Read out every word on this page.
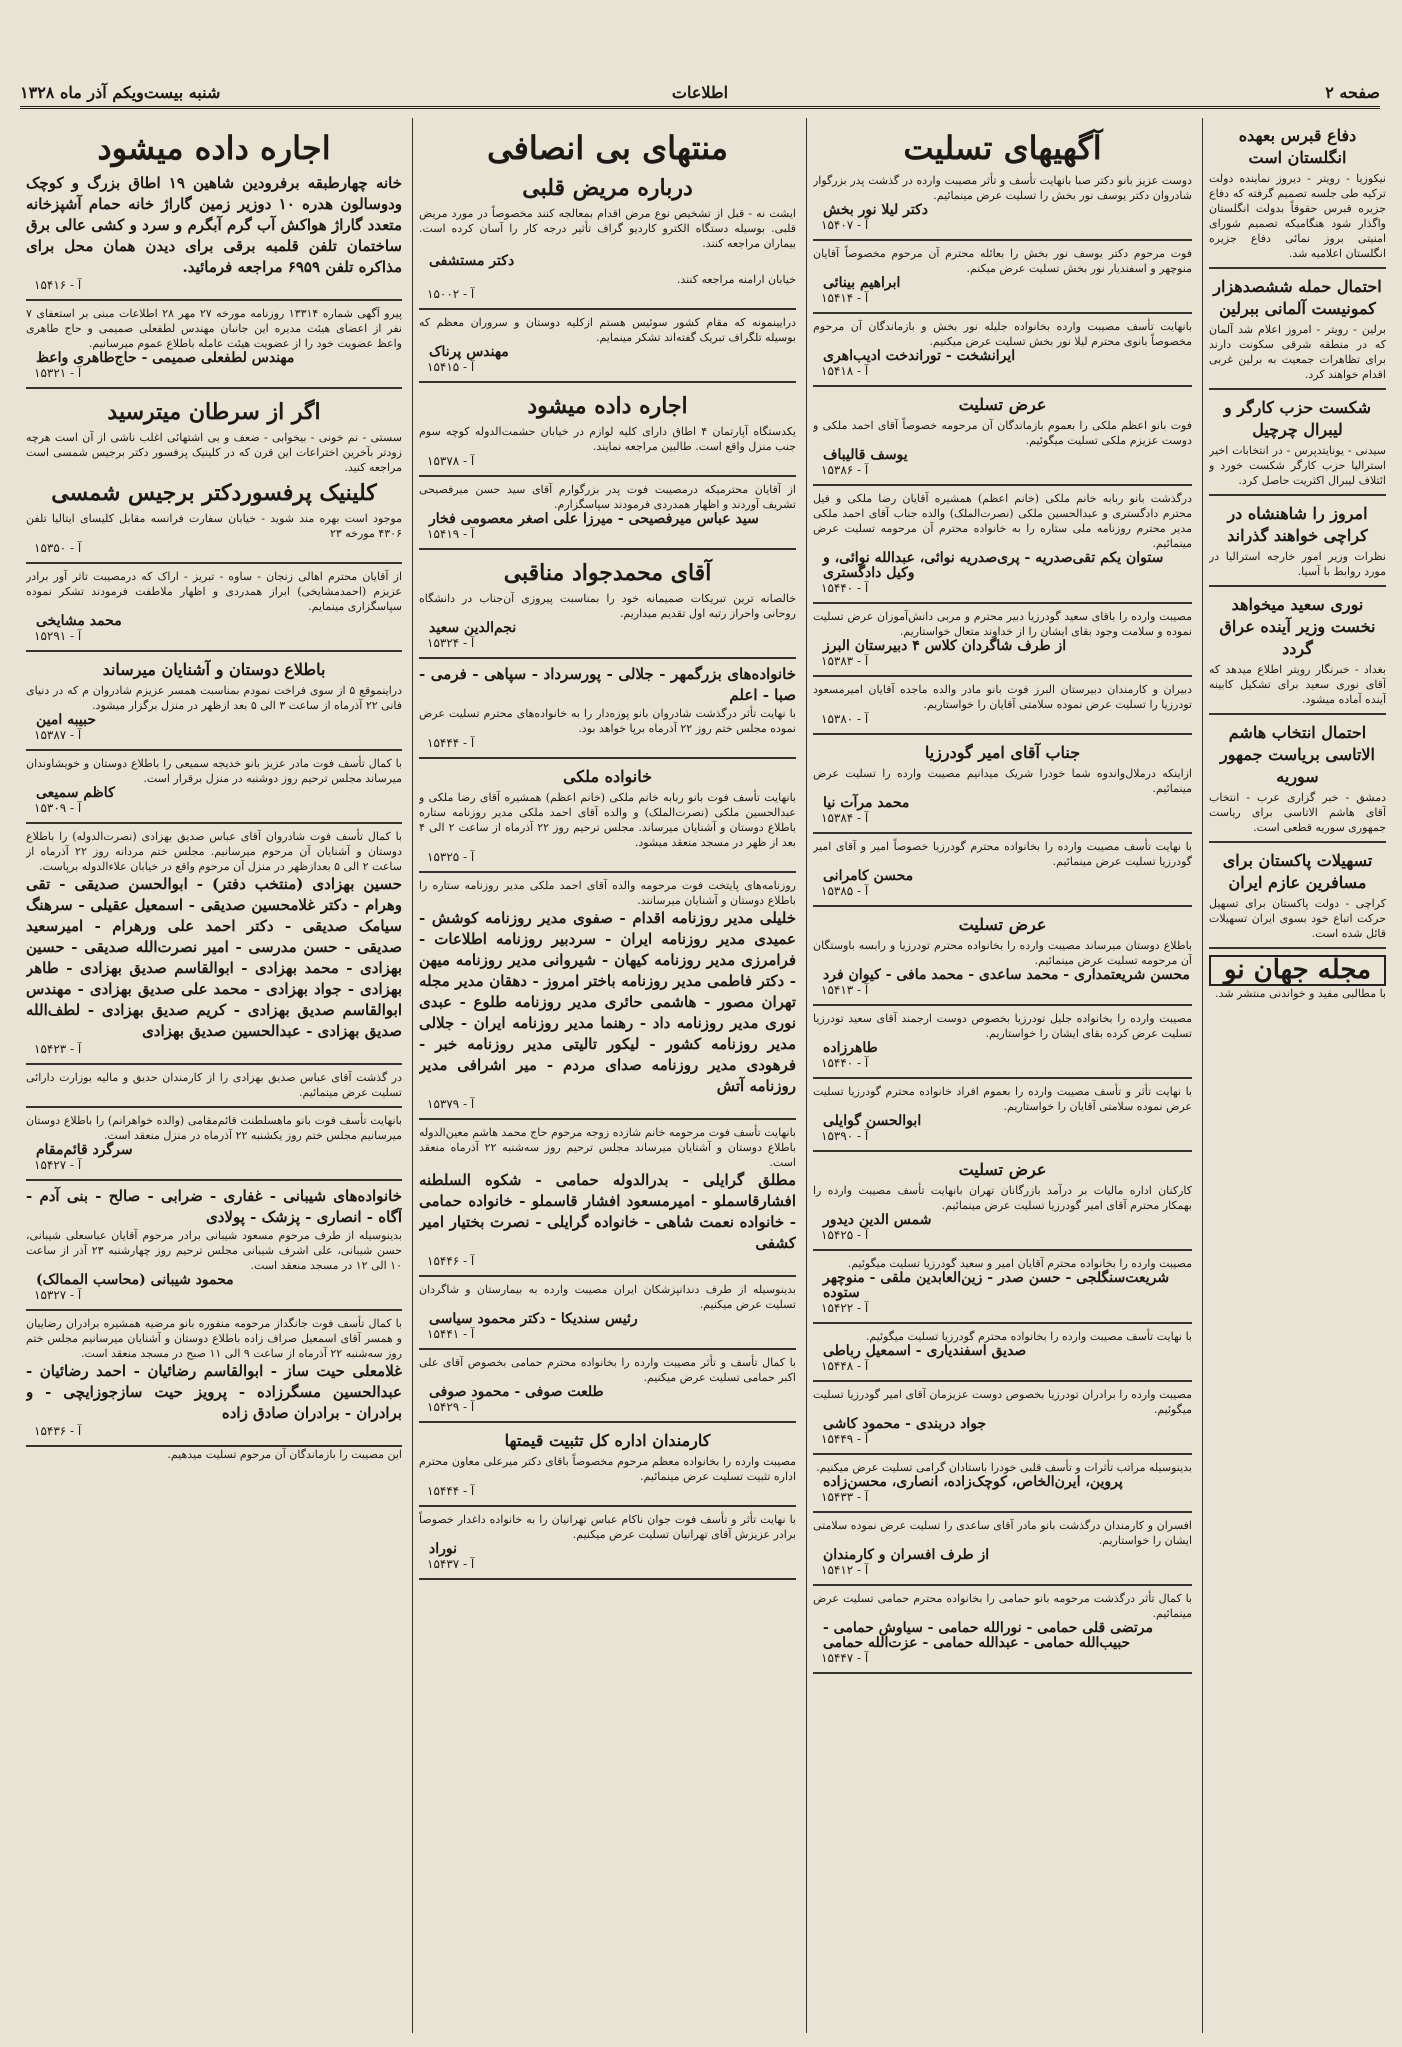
صفحه ۲
اطلاعات
شنبه بیست‌ویکم آذر ماه ۱۳۲۸
دفاع قبرس بعهده انگلستان است
نیکوزیا - رویتر - دیروز نماینده دولت ترکیه طی جلسه تصمیم گرفته که دفاع جزیره قبرس حقوقاً بدولت انگلستان واگذار شود هنگامیکه تصمیم شورای امنیتی بروز نمائی دفاع جزیره انگلستان اعلامیه شد.
احتمال حمله ششصدهزار کمونیست آلمانی ببرلین
برلین - رویتر - امروز اعلام شد آلمان که در منطقه شرقی سکونت دارند برای تظاهرات جمعیت به برلین غربی اقدام خواهند کرد.
شکست حزب کارگر و لیبرال چرچیل
سیدنی - یونایتدپرس - در انتخابات اخیر استرالیا حزب کارگر شکست خورد و ائتلاف لیبرال اکثریت حاصل کرد.
امروز را شاهنشاه در کراچی خواهند گذراند
نظرات وزیر امور خارجه استرالیا در مورد روابط با آسیا.
نوری سعید میخواهد نخست وزیر آینده عراق گردد
بغداد - خبرنگار رویتر اطلاع میدهد که آقای نوری سعید برای تشکیل کابینه آینده آماده میشود.
احتمال انتخاب هاشم الاتاسی بریاست جمهور سوریه
دمشق - خبر گزاری عرب - انتخاب آقای هاشم الاتاسی برای ریاست جمهوری سوریه قطعی است.
تسهیلات پاکستان برای مسافرین عازم ایران
کراچی - دولت پاکستان برای تسهیل حرکت اتباع خود بسوی ایران تسهیلات قائل شده است.
مجله جهان نو
با مطالبی مفید و خواندنی منتشر شد.
آگهیهای تسلیت
دوست عزیز بانو دکتر صبا بانهایت تأسف و تأثر مصیبت وارده در گذشت پدر بزرگوار شادروان دکتر یوسف نور بخش را تسلیت عرض مینمائیم.
دکتر لیلا نور بخش
۱۵۴۰۷ - آ
فوت مرحوم دکتر یوسف نور بخش را بعائله محترم آن مرحوم مخصوصاً آقایان منوچهر و اسفندیار نور بخش تسلیت عرض میکنم.
ابراهیم بینائی
۱۵۴۱۴ - آ
بانهایت تأسف مصیبت وارده بخانواده جلیله نور بخش و بازماندگان آن مرحوم مخصوصاً بانوی محترم لیلا نور بخش تسلیت عرض میکنیم.
ایرانشخت - توراندخت ادیب‌اهری
۱۵۴۱۸ - آ
عرض تسلیت
فوت بانو اعظم ملکی را بعموم بازماندگان آن مرحومه خصوصاً آقای احمد ملکی و دوست عزیزم ملکی تسلیت میگوئیم.
یوسف قالیباف
۱۵۳۸۶ - آ
درگذشت بانو ربابه خانم ملکی (خانم اعظم) همشیره آقایان رضا ملکی و فیل محترم دادگستری و عبدالحسین ملکی (نصرت‌الملک) والده جناب آقای احمد ملکی مدیر محترم روزنامه ملی ستاره را به خانواده محترم آن مرحومه تسلیت عرض مینمائیم.
ستوان یکم تقی‌صدریه - پری‌صدریه نوائی، عبدالله نوائی، و وکیل دادگستری
۱۵۴۴۰ - آ
مصیبت وارده را باقای سعید گودرزیا دبیر محترم و مربی دانش‌آموزان عرض تسلیت نموده و سلامت وجود بقای ایشان را از خداوند متعال خواستاریم.
از طرف شاگردان کلاس ۴ دبیرستان البرز
۱۵۳۸۳ - آ
دبیران و کارمندان دبیرستان البرز فوت بانو مادر والده ماجده آقایان امیرمسعود تودرزیا را تسلیت عرض نموده سلامتی آقایان را خواستاریم.
۱۵۳۸۰ - آ
جناب آقای امیر گودرزیا
ازاینکه درملال‌واندوه شما خودرا شریک میدانیم مصیبت وارده را تسلیت عرض مینمائیم.
محمد مرآت نیا
۱۵۳۸۴ - آ
با نهایت تأسف مصیبت وارده را بخانواده محترم گودرزیا خصوصاً امیر و آقای امیر گودرزیا تسلیت عرض مینمائیم.
محسن کامرانی
۱۵۳۸۵ - آ
عرض تسلیت
باطلاع دوستان میرساند مصیبت وارده را بخانواده محترم تودرزیا و رابسه باوستگان آن مرحومه تسلیت عرض مینمائیم.
محسن شریعتمداری - محمد ساعدی - محمد مافی - کیوان فرد
۱۵۴۱۳ - آ
مصیبت وارده را بخانواده جلیل تودرزیا بخصوص دوست ارجمند آقای سعید تودرزیا تسلیت عرض کرده بقای ایشان را خواستاریم.
طاهرزاده
۱۵۴۴۰ - آ
با نهایت تأثر و تأسف مصیبت وارده را بعموم افراد خانواده محترم گودرزیا تسلیت عرض نموده سلامتی آقایان را خواستاریم.
ابوالحسن گوایلی
۱۵۳۹۰ - آ
عرض تسلیت
کارکنان اداره مالیات بر درآمد بازرگانان تهران بانهایت تأسف مصیبت وارده را بهمکار محترم آقای امیر گودرزیا تسلیت عرض مینمائیم.
شمس الدین دیدور
۱۵۴۲۵ - آ
مصیبت وارده را بخانواده محترم آقایان امیر و سعید گودرزیا تسلیت میگوئیم.
شریعت‌سنگلجی - حسن صدر - زین‌العابدین ملقی - منوچهر ستوده
۱۵۴۲۲ - آ
با نهایت تأسف مصیبت وارده را بخانواده محترم گودرزیا تسلیت میگوئیم.
صدیق اسفندیاری - اسمعیل رباطی
۱۵۴۴۸ - آ
مصیبت وارده را برادران تودرزیا بخصوص دوست عزیزمان آقای امیر گودرزیا تسلیت میگوئیم.
جواد دربندی - محمود کاشی
۱۵۴۴۹ - آ
بدینوسیله مراتب تأثرات و تأسف قلبی خودرا باستادان گرامی تسلیت عرض میکنیم.
پروین، ایرن‌الخاص، کوچک‌زاده، انصاری، محسن‌زاده
۱۵۴۳۳ - آ
افسران و کارمندان درگذشت بانو مادر آقای ساعدی را تسلیت عرض نموده سلامتی ایشان را خواستاریم.
از طرف افسران و کارمندان
۱۵۴۱۲ - آ
با کمال تأثر درگذشت مرحومه بانو حمامی را بخانواده محترم حمامی تسلیت عرض مینمائیم.
مرتضی قلی حمامی - نورالله حمامی - سیاوش حمامی - حبیب‌الله حمامی - عبدالله حمامی - عزت‌الله حمامی
۱۵۴۴۷ - آ
منتهای بی انصافی
درباره مریض قلبی
ایشت نه - قبل از تشخیص نوع مرض اقدام بمعالجه کنند مخصوصاً در مورد مریض قلبی. بوسیله دستگاه الکترو کاردیو گراف تأثیر درجه کار را آسان کرده است. بیماران مراجعه کنند.
دکتر مستشفی
خیابان ارامنه مراجعه کنند.
۱۵۰۰۲ - آ
درایینمونه که مقام کشور سوئیس هستم ازکلیه دوستان و سروران معظم که بوسیله تلگراف تبریک گفته‌اند تشکر مینمایم.
مهندس پرناک
۱۵۴۱۵ - آ
اجاره داده میشود
یکدستگاه آپارتمان ۴ اطاق دارای کلیه لوازم در خیابان حشمت‌الدوله کوچه سوم جنب منزل واقع است. طالبین مراجعه نمایند.
۱۵۳۷۸ - آ
از آقایان محترمیکه درمصیبت فوت پدر بزرگوارم آقای سید حسن میرفصیحی تشریف آوردند و اظهار همدردی فرمودند سپاسگزارم.
سید عباس میرفصیحی - میرزا علی اصغر معصومی فخار
۱۵۴۱۹ - آ
آقای محمدجواد مناقبی
خالصانه ترین تبریکات صمیمانه خود را بمناسبت پیروزی آن‌جناب در دانشگاه روحانی واحراز رتبه اول تقدیم میداریم.
نجم‌الدین سعید
۱۵۳۲۴ - آ
خانواده‌های بزرگمهر - جلالی - پورسرداد - سپاهی - فرمی - صبا - اعلم
با نهایت تأثر درگذشت شادروان بانو پوزه‌دار را به خانواده‌های محترم تسلیت عرض نموده مجلس ختم روز ۲۲ آذرماه برپا خواهد بود.
۱۵۴۴۴ - آ
خانواده ملکی
بانهایت تأسف فوت بانو ربابه خانم ملکی (خانم اعظم) همشیره آقای رضا ملکی و عبدالحسین ملکی (نصرت‌الملک) و والده آقای احمد ملکی مدیر روزنامه ستاره باطلاع دوستان و آشنایان میرساند. مجلس ترحیم روز ۲۲ آذرماه از ساعت ۲ الی ۴ بعد از ظهر در مسجد منعقد میشود.
۱۵۳۲۵ - آ
روزنامه‌های پایتخت فوت مرحومه والده آقای احمد ملکی مدیر روزنامه ستاره را باطلاع دوستان و آشنایان میرسانند.
خلیلی مدیر روزنامه اقدام - صفوی مدیر روزنامه کوشش - عمیدی مدیر روزنامه ایران - سردبیر روزنامه اطلاعات - فرامرزی مدیر روزنامه کیهان - شیروانی مدیر روزنامه میهن - دکتر فاطمی مدیر روزنامه باختر امروز - دهقان مدیر مجله تهران مصور - هاشمی حائری مدیر روزنامه طلوع - عبدی نوری مدیر روزنامه داد - رهنما مدیر روزنامه ایران - جلالی مدیر روزنامه کشور - لیکور تالیتی مدیر روزنامه خبر - فرهودی مدیر روزنامه صدای مردم - میر اشرافی مدیر روزنامه آتش
۱۵۳۷۹ - آ
بانهایت تأسف فوت مرحومه خانم شازده زوجه مرحوم حاج محمد هاشم معین‌الدوله باطلاع دوستان و آشنایان میرساند مجلس ترحیم روز سه‌شنبه ۲۲ آذرماه منعقد است.
مطلق گرایلی - بدرالدوله حمامی - شکوه السلطنه افشارقاسملو - امیرمسعود افشار قاسملو - خانواده حمامی - خانواده نعمت شاهی - خانواده گرایلی - نصرت بختیار امیر کشفی
۱۵۴۴۶ - آ
بدینوسیله از طرف دندانپزشکان ایران مصیبت وارده به بیمارستان و شاگردان تسلیت عرض میکنیم.
رئیس سندیکا - دکتر محمود سیاسی
۱۵۴۴۱ - آ
با کمال تأسف و تأثر مصیبت وارده را بخانواده محترم حمامی بخصوص آقای علی اکبر حمامی تسلیت عرض میکنیم.
طلعت صوفی - محمود صوفی
۱۵۴۲۹ - آ
کارمندان اداره کل تثبیت قیمتها
مصیبت وارده را بخانواده معظم مرحوم مخصوصاً باقای دکتر میرعلی معاون محترم اداره تثبیت تسلیت عرض مینمائیم.
۱۵۴۴۴ - آ
با نهایت تأثر و تأسف فوت جوان ناکام عباس تهرانیان را به خانواده داغدار خصوصاً برادر عزیزش آقای تهرانیان تسلیت عرض میکنیم.
نوراد
۱۵۴۳۷ - آ
اجاره داده میشود
خانه چهارطبقه برفرودین شاهین ۱۹ اطاق بزرگ و کوچک ودوسالون هدره ۱۰ دوزیر زمین گاراژ خانه حمام آشپزخانه متعدد گاراژ هواکش آب گرم آبگرم و سرد و کشی عالی برق ساختمان تلفن قلمبه برقی برای دیدن همان محل برای مذاکره تلفن ۶۹۵۹ مراجعه فرمائید.
۱۵۴۱۶ - آ
پیرو آگهی شماره ۱۳۳۱۴ روزنامه مورخه ۲۷ مهر ۲۸ اطلاعات مبنی بر استعفای ۷ نفر از اعضای هیئت مدیره این جانبان مهندس لطفعلی صمیمی و حاج طاهری واعظ عضویت خود را از عضویت هیئت عامله باطلاع عموم میرسانیم.
مهندس لطفعلی صمیمی - حاج‌طاهری واعظ
۱۵۳۲۱ - آ
اگر از سرطان میترسید
سستی - نم خونی - بیخوابی - ضعف و بی اشتهائی اغلب ناشی از آن است هرچه زودتر بآخرین اختراعات این قرن که در کلینیک پرفسور دکتر برجیس شمسی است مراجعه کنید.
کلینیک پرفسوردکتر برجیس شمسی
موجود است بهره مند شوید - خیابان سفارت فرانسه مقابل کلیسای ایتالیا تلفن ۴۳۰۶ مورخه ۲۳
۱۵۳۵۰ - آ
از آقایان محترم اهالی زنجان - ساوه - تبریز - اراک که درمصیبت تاثر آور برادر عزیزم (احمد‌مشایخی) ابراز همدردی و اظهار ملاطفت فرمودند تشکر نموده سپاسگزاری مینمایم.
محمد مشایخی
۱۵۲۹۱ - آ
باطلاع دوستان و آشنایان میرساند
دراینموقع ۵ از سوی فراخت نمودم بمناسبت همسر عزیزم شادروان م که در دنیای فانی ۲۲ آذرماه از ساعت ۳ الی ۵ بعد ازظهر در منزل برگزار میشود.
حبیبه امین
۱۵۳۸۷ - آ
با کمال تأسف فوت مادر عزیز بانو خدیجه سمیعی را باطلاع دوستان و خویشاوندان میرساند مجلس ترحیم روز دوشنبه در منزل برقرار است.
کاظم سمیعی
۱۵۳۰۹ - آ
با کمال تأسف فوت شادروان آقای عباس صدیق بهزادی (نصرت‌الدوله) را باطلاع دوستان و آشنایان آن مرحوم میرسانیم. مجلس ختم مردانه روز ۲۲ آذرماه از ساعت ۲ الی ۵ بعدازظهر در منزل آن مرحوم واقع در خیابان علاءالدوله برپاست.
حسین بهزادی (منتخب دفتر) - ابوالحسن صدیقی - تقی وهرام - دکتر غلامحسین صدیقی - اسمعیل عقیلی - سرهنگ سیامک صدیقی - دکتر احمد علی ورهرام - امیرسعید صدیقی - حسن مدرسی - امیر نصرت‌الله صدیقی - حسین بهزادی - محمد بهزادی - ابوالقاسم صدیق بهزادی - طاهر بهزادی - جواد بهزادی - محمد علی صدیق بهزادی - مهندس ابوالقاسم صدیق بهزادی - کریم صدیق بهزادی - لطف‌الله صدیق بهزادی - عبدالحسین صدیق بهزادی
۱۵۴۲۳ - آ
در گذشت آقای عباس صدیق بهزادی را از کارمندان حدیق و مالیه بوزارت دارائی تسلیت عرض مینمائیم.
بانهایت تأسف فوت بانو ماهسلطنت قائم‌مقامی (والده خواهرانم) را باطلاع دوستان میرسانیم مجلس ختم روز یکشنبه ۲۲ آذرماه در منزل منعقد است.
سرگرد قائم‌مقام
۱۵۴۲۷ - آ
خانواده‌های شیبانی - غفاری - ضرابی - صالح - بنی آدم - آگاه - انصاری - پزشک - پولادی
بدینوسیله از طرف مرحوم مسعود شیبانی برادر مرحوم آقایان عباسعلی شیبانی، حسن شیبانی، علی اشرف شیبانی مجلس ترحیم روز چهارشنبه ۲۳ آذر از ساعت ۱۰ الی ۱۲ در مسجد منعقد است.
محمود شیبانی (محاسب الممالک)
۱۵۳۲۷ - آ
با کمال تأسف فوت جانگداز مرحومه منفوره بانو مرضیه همشیره برادران رضاییان و همسر آقای اسمعیل صراف زاده باطلاع دوستان و آشنایان میرسانیم مجلس ختم روز سه‌شنبه ۲۲ آذرماه از ساعت ۹ الی ۱۱ صبح در مسجد منعقد است.
غلامعلی حیت ساز - ابوالقاسم رضائیان - احمد رضائیان - عبدالحسین مسگرزاده - پرویز حیت سازجوزایچی - و برادران - برادران صادق زاده
۱۵۴۳۶ - آ
این مصیبت را بازماندگان آن مرحوم تسلیت میدهیم.
